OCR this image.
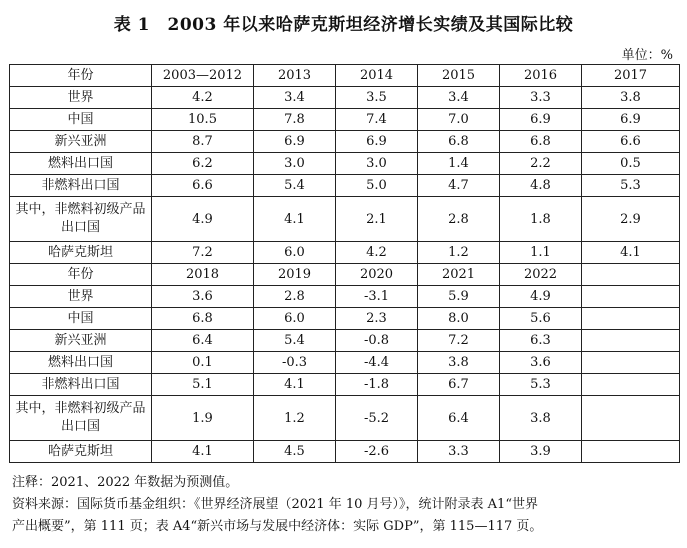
表 1　2003 年以来哈萨克斯坦经济增长实绩及其国际比较
单位：%
年份	2003—2012	2013	2014	2015	2016	2017
世界	4.2	3.4	3.5	3.4	3.3	3.8
中国	10.5	7.8	7.4	7.0	6.9	6.9
新兴亚洲	8.7	6.9	6.9	6.8	6.8	6.6
燃料出口国	6.2	3.0	3.0	1.4	2.2	0.5
非燃料出口国	6.6	5.4	5.0	4.7	4.8	5.3
其中，非燃料初级产品出口国	4.9	4.1	2.1	2.8	1.8	2.9
哈萨克斯坦	7.2	6.0	4.2	1.2	1.1	4.1
年份	2018	2019	2020	2021	2022	
世界	3.6	2.8	-3.1	5.9	4.9	
中国	6.8	6.0	2.3	8.0	5.6	
新兴亚洲	6.4	5.4	-0.8	7.2	6.3	
燃料出口国	0.1	-0.3	-4.4	3.8	3.6	
非燃料出口国	5.1	4.1	-1.8	6.7	5.3	
其中，非燃料初级产品出口国	1.9	1.2	-5.2	6.4	3.8	
哈萨克斯坦	4.1	4.5	-2.6	3.3	3.9	
注释：2021、2022 年数据为预测值。
资料来源：国际货币基金组织：《世界经济展望（2021 年 10 月号）》，统计附录表 A1“世界
产出概要”，第 111 页；表 A4“新兴市场与发展中经济体：实际 GDP”，第 115—117 页。
